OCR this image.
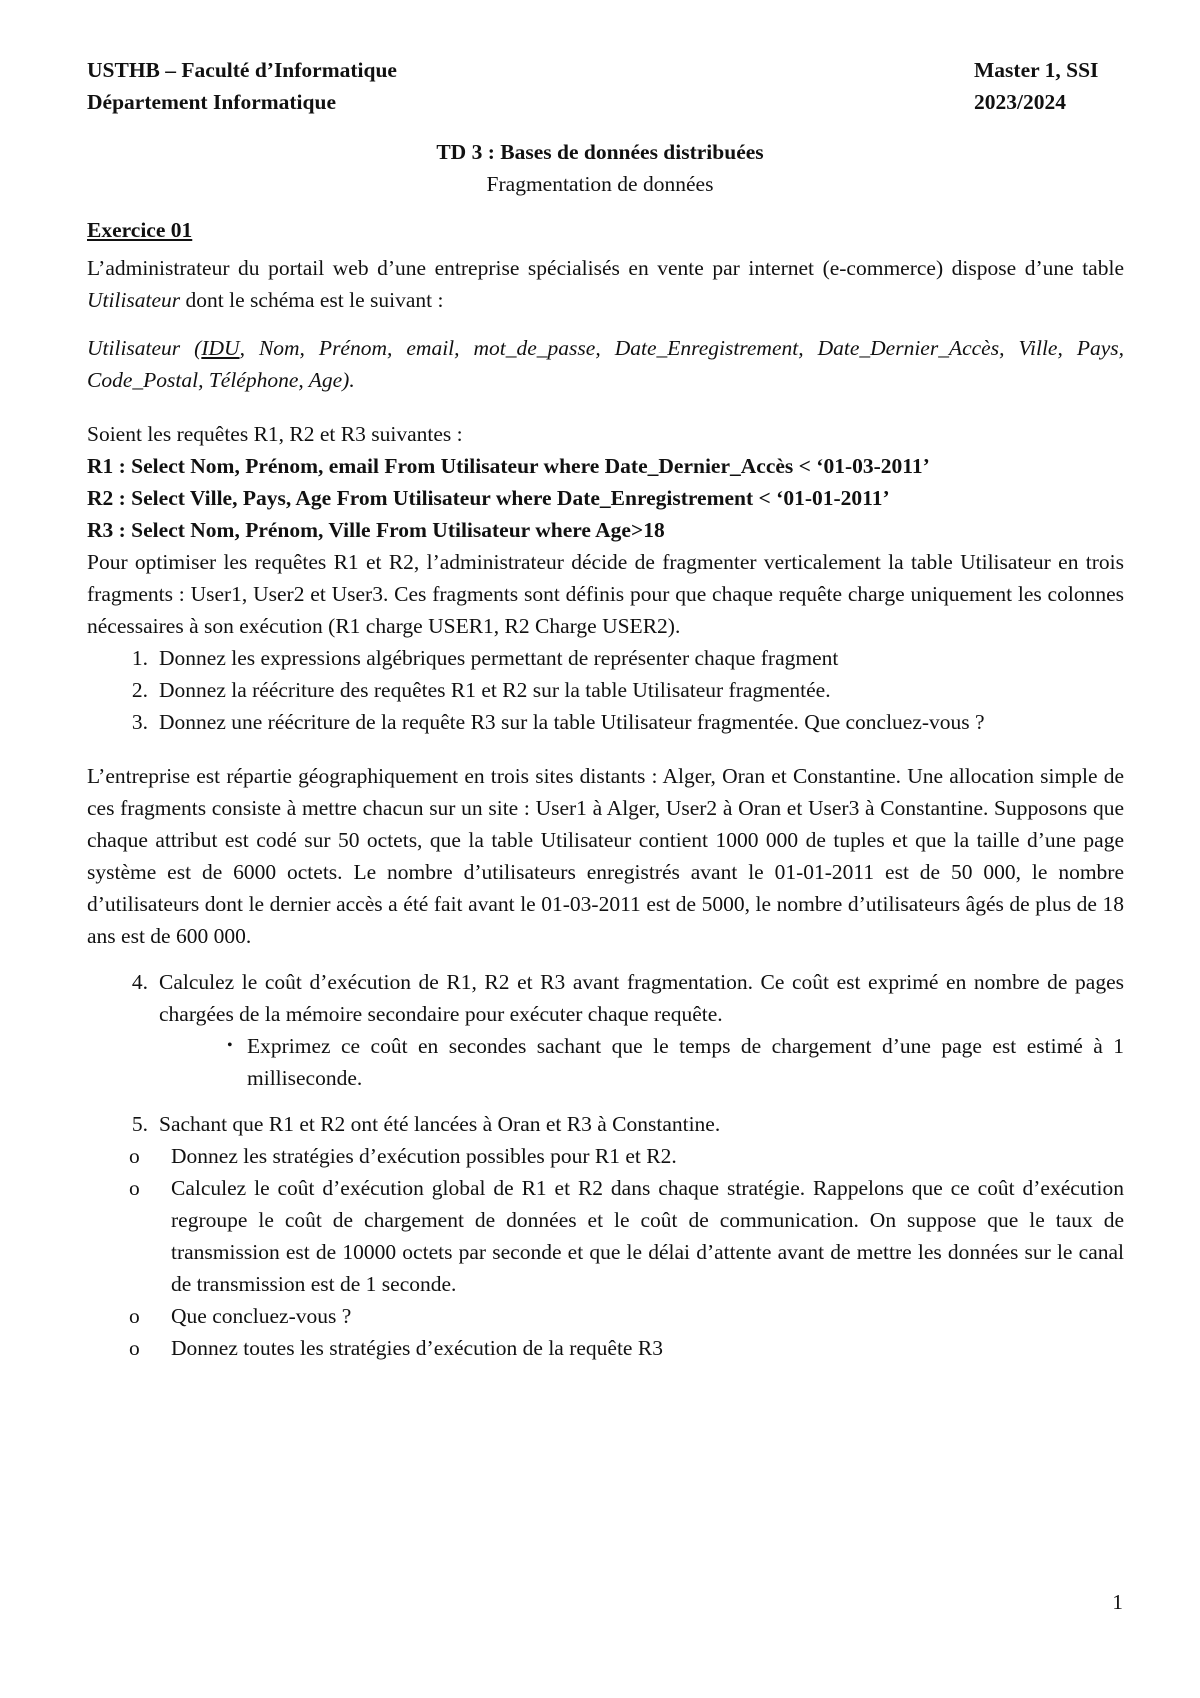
USTHB – Faculté d’Informatique
Département Informatique
Master 1, SSI
2023/2024
TD 3 : Bases de données distribuées
Fragmentation de données
Exercice 01
L’administrateur du portail web d’une entreprise spécialisés en vente par internet (e-commerce) dispose d’une table Utilisateur dont le schéma est le suivant :
Utilisateur (IDU, Nom, Prénom, email, mot_de_passe, Date_Enregistrement, Date_Dernier_Accès, Ville, Pays, Code_Postal, Téléphone, Age).
Soient les requêtes R1, R2 et R3 suivantes :
R1 : Select Nom, Prénom, email From Utilisateur where Date_Dernier_Accès < ‘01-03-2011’
R2 : Select Ville, Pays, Age From Utilisateur where Date_Enregistrement < ‘01-01-2011’
R3 : Select Nom, Prénom, Ville From Utilisateur where Age>18
Pour optimiser les requêtes R1 et R2, l’administrateur décide de fragmenter verticalement la table Utilisateur en trois fragments : User1, User2 et User3. Ces fragments sont définis pour que chaque requête charge uniquement les colonnes nécessaires à son exécution (R1 charge USER1, R2 Charge USER2).
1. Donnez les expressions algébriques permettant de représenter chaque fragment
2. Donnez la réécriture des requêtes R1 et R2 sur la table Utilisateur fragmentée.
3. Donnez une réécriture de la requête R3 sur la table Utilisateur fragmentée. Que concluez-vous ?
L’entreprise est répartie géographiquement en trois sites distants : Alger, Oran et Constantine. Une allocation simple de ces fragments consiste à mettre chacun sur un site : User1 à Alger, User2 à Oran et User3 à Constantine. Supposons que chaque attribut est codé sur 50 octets, que la table Utilisateur contient 1000 000 de tuples et que la taille d’une page système est de 6000 octets. Le nombre d’utilisateurs enregistrés avant le 01-01-2011 est de 50 000, le nombre d’utilisateurs dont le dernier accès a été fait avant le 01-03-2011 est de 5000, le nombre d’utilisateurs âgés de plus de 18 ans est de 600 000.
4. Calculez le coût d’exécution de R1, R2 et R3 avant fragmentation. Ce coût est exprimé en nombre de pages chargées de la mémoire secondaire pour exécuter chaque requête.
• Exprimez ce coût en secondes sachant que le temps de chargement d’une page est estimé à 1 milliseconde.
5. Sachant que R1 et R2 ont été lancées à Oran et R3 à Constantine.
o	Donnez les stratégies d’exécution possibles pour R1 et R2.
o	Calculez le coût d’exécution global de R1 et R2 dans chaque stratégie. Rappelons que ce coût d’exécution regroupe le coût de chargement de données et le coût de communication. On suppose que le taux de transmission est de 10000 octets par seconde et que le délai d’attente avant de mettre les données sur le canal de transmission est de 1 seconde.
o	Que concluez-vous ?
o	Donnez toutes les stratégies d’exécution de la requête R3
1
